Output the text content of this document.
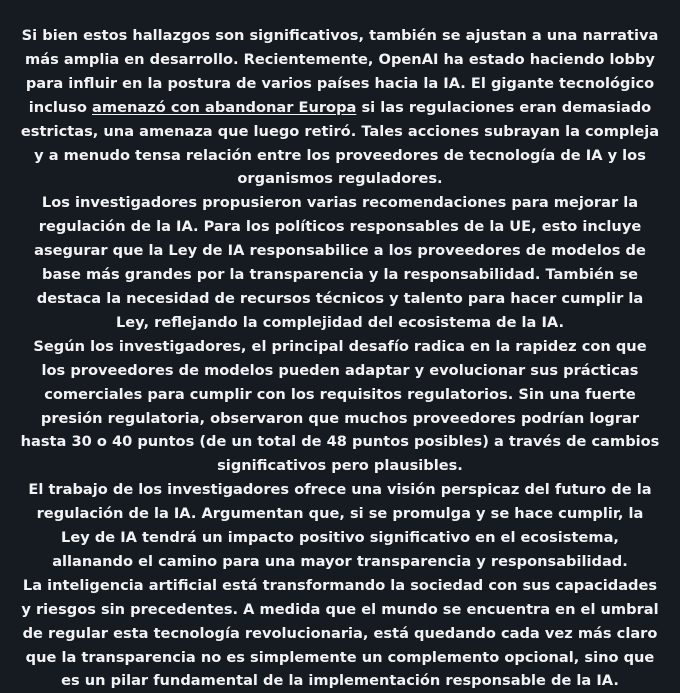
Si bien estos hallazgos son significativos, también se ajustan a una narrativa más amplia en desarrollo. Recientemente, OpenAI ha estado haciendo lobby para influir en la postura de varios países hacia la IA. El gigante tecnológico incluso amenazó con abandonar Europa si las regulaciones eran demasiado estrictas, una amenaza que luego retiró. Tales acciones subrayan la compleja y a menudo tensa relación entre los proveedores de tecnología de IA y los organismos reguladores.

Los investigadores propusieron varias recomendaciones para mejorar la regulación de la IA. Para los políticos responsables de la UE, esto incluye asegurar que la Ley de IA responsabilice a los proveedores de modelos de base más grandes por la transparencia y la responsabilidad. También se destaca la necesidad de recursos técnicos y talento para hacer cumplir la Ley, reflejando la complejidad del ecosistema de la IA.

Según los investigadores, el principal desafío radica en la rapidez con que los proveedores de modelos pueden adaptar y evolucionar sus prácticas comerciales para cumplir con los requisitos regulatorios. Sin una fuerte presión regulatoria, observaron que muchos proveedores podrían lograr hasta 30 o 40 puntos (de un total de 48 puntos posibles) a través de cambios significativos pero plausibles.

El trabajo de los investigadores ofrece una visión perspicaz del futuro de la regulación de la IA. Argumentan que, si se promulga y se hace cumplir, la Ley de IA tendrá un impacto positivo significativo en el ecosistema, allanando el camino para una mayor transparencia y responsabilidad.

La inteligencia artificial está transformando la sociedad con sus capacidades y riesgos sin precedentes. A medida que el mundo se encuentra en el umbral de regular esta tecnología revolucionaria, está quedando cada vez más claro que la transparencia no es simplemente un complemento opcional, sino que es un pilar fundamental de la implementación responsable de la IA.
